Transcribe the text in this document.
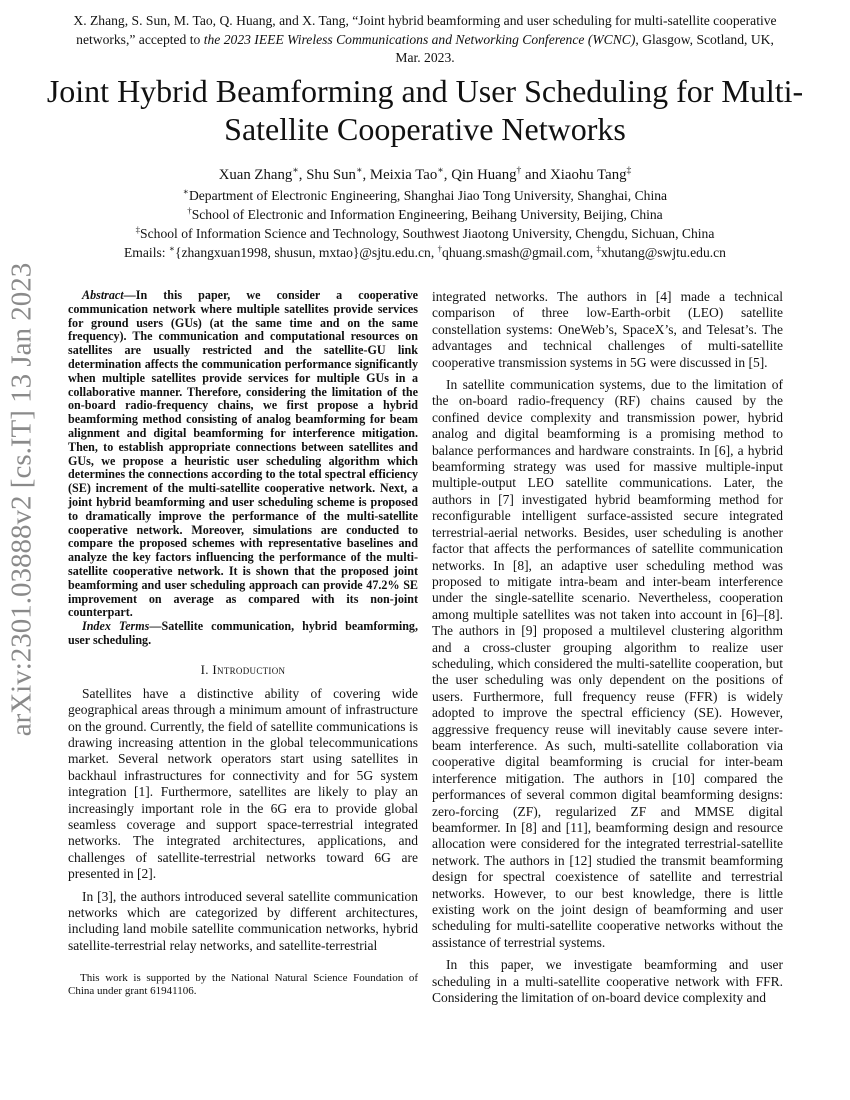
arXiv:2301.03888v2 [cs.IT] 13 Jan 2023
X. Zhang, S. Sun, M. Tao, Q. Huang, and X. Tang, “Joint hybrid beamforming and user scheduling for multi-satellite cooperative networks,” accepted to the 2023 IEEE Wireless Communications and Networking Conference (WCNC), Glasgow, Scotland, UK, Mar. 2023.
Joint Hybrid Beamforming and User Scheduling for Multi-Satellite Cooperative Networks
Xuan Zhang∗, Shu Sun∗, Meixia Tao∗, Qin Huang† and Xiaohu Tang‡
∗Department of Electronic Engineering, Shanghai Jiao Tong University, Shanghai, China
†School of Electronic and Information Engineering, Beihang University, Beijing, China
‡School of Information Science and Technology, Southwest Jiaotong University, Chengdu, Sichuan, China
Emails: ∗{zhangxuan1998, shusun, mxtao}@sjtu.edu.cn, †qhuang.smash@gmail.com, ‡xhutang@swjtu.edu.cn

Abstract—In this paper, we consider a cooperative communication network where multiple satellites provide services for ground users (GUs) (at the same time and on the same frequency). The communication and computational resources on satellites are usually restricted and the satellite-GU link determination affects the communication performance significantly when multiple satellites provide services for multiple GUs in a collaborative manner. Therefore, considering the limitation of the on-board radio-frequency chains, we first propose a hybrid beamforming method consisting of analog beamforming for beam alignment and digital beamforming for interference mitigation. Then, to establish appropriate connections between satellites and GUs, we propose a heuristic user scheduling algorithm which determines the connections according to the total spectral efficiency (SE) increment of the multi-satellite cooperative network. Next, a joint hybrid beamforming and user scheduling scheme is proposed to dramatically improve the performance of the multi-satellite cooperative network. Moreover, simulations are conducted to compare the proposed schemes with representative baselines and analyze the key factors influencing the performance of the multi-satellite cooperative network. It is shown that the proposed joint beamforming and user scheduling approach can provide 47.2% SE improvement on average as compared with its non-joint counterpart.

Index Terms—Satellite communication, hybrid beamforming, user scheduling.

I. Introduction

Satellites have a distinctive ability of covering wide geographical areas through a minimum amount of infrastructure on the ground. Currently, the field of satellite communications is drawing increasing attention in the global telecommunications market. Several network operators start using satellites in backhaul infrastructures for connectivity and for 5G system integration [1]. Furthermore, satellites are likely to play an increasingly important role in the 6G era to provide global seamless coverage and support space-terrestrial integrated networks. The integrated architectures, applications, and challenges of satellite-terrestrial networks toward 6G are presented in [2].

In [3], the authors introduced several satellite communication networks which are categorized by different architectures, including land mobile satellite communication networks, hybrid satellite-terrestrial relay networks, and satellite-terrestrial

This work is supported by the National Natural Science Foundation of China under grant 61941106.

integrated networks. The authors in [4] made a technical comparison of three low-Earth-orbit (LEO) satellite constellation systems: OneWeb’s, SpaceX’s, and Telesat’s. The advantages and technical challenges of multi-satellite cooperative transmission systems in 5G were discussed in [5].

In satellite communication systems, due to the limitation of the on-board radio-frequency (RF) chains caused by the confined device complexity and transmission power, hybrid analog and digital beamforming is a promising method to balance performances and hardware constraints. In [6], a hybrid beamforming strategy was used for massive multiple-input multiple-output LEO satellite communications. Later, the authors in [7] investigated hybrid beamforming method for reconfigurable intelligent surface-assisted secure integrated terrestrial-aerial networks. Besides, user scheduling is another factor that affects the performances of satellite communication networks. In [8], an adaptive user scheduling method was proposed to mitigate intra-beam and inter-beam interference under the single-satellite scenario. Nevertheless, cooperation among multiple satellites was not taken into account in [6]–[8]. The authors in [9] proposed a multilevel clustering algorithm and a cross-cluster grouping algorithm to realize user scheduling, which considered the multi-satellite cooperation, but the user scheduling was only dependent on the positions of users. Furthermore, full frequency reuse (FFR) is widely adopted to improve the spectral efficiency (SE). However, aggressive frequency reuse will inevitably cause severe inter-beam interference. As such, multi-satellite collaboration via cooperative digital beamforming is crucial for inter-beam interference mitigation. The authors in [10] compared the performances of several common digital beamforming designs: zero-forcing (ZF), regularized ZF and MMSE digital beamformer. In [8] and [11], beamforming design and resource allocation were considered for the integrated terrestrial-satellite network. The authors in [12] studied the transmit beamforming design for spectral coexistence of satellite and terrestrial networks. However, to our best knowledge, there is little existing work on the joint design of beamforming and user scheduling for multi-satellite cooperative networks without the assistance of terrestrial systems.

In this paper, we investigate beamforming and user scheduling in a multi-satellite cooperative network with FFR. Considering the limitation of on-board device complexity and
